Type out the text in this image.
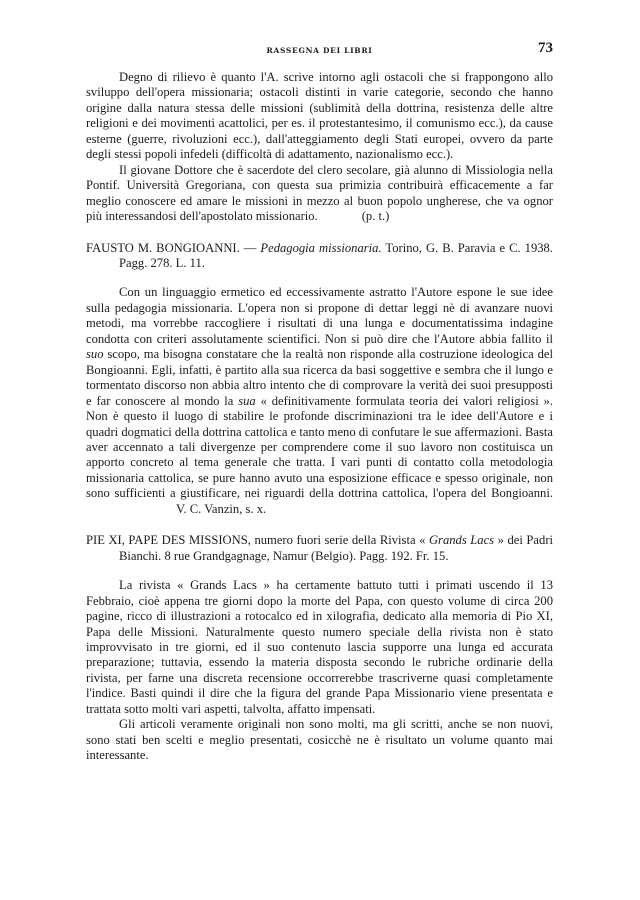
RASSEGNA DEI LIBRI	73

Degno di rilievo è quanto l'A. scrive intorno agli ostacoli che si frappongono allo sviluppo dell'opera missionaria; ostacoli distinti in varie categorie, secondo che hanno origine dalla natura stessa delle missioni (sublimità della dottrina, resistenza delle altre religioni e dei movimenti acattolici, per es. il protestantesimo, il comunismo ecc.), da cause esterne (guerre, rivoluzioni ecc.), dall'atteggiamento degli Stati europei, ovvero da parte degli stessi popoli infedeli (difficoltà di adattamento, nazionalismo ecc.).

Il giovane Dottore che è sacerdote del clero secolare, già alunno di Missiologia nella Pontif. Università Gregoriana, con questa sua primizia contribuirà efficacemente a far meglio conoscere ed amare le missioni in mezzo al buon popolo ungherese, che va ognor più interessandosi dell'apostolato missionario.	(p. t.)

FAUSTO M. BONGIOANNI. — Pedagogia missionaria. Torino, G. B. Paravia e C. 1938. Pagg. 278. L. 11.

Con un linguaggio ermetico ed eccessivamente astratto l'Autore espone le sue idee sulla pedagogia missionaria. L'opera non si propone di dettar leggi nè di avanzare nuovi metodi, ma vorrebbe raccogliere i risultati di una lunga e documentatissima indagine condotta con criteri assolutamente scientifici. Non si può dire che l'Autore abbia fallito il suo scopo, ma bisogna constatare che la realtà non risponde alla costruzione ideologica del Bongioanni. Egli, infatti, è partito alla sua ricerca da basi soggettive e sembra che il lungo e tormentato discorso non abbia altro intento che di comprovare la verità dei suoi presupposti e far conoscere al mondo la sua « definitivamente formulata teoria dei valori religiosi ». Non è questo il luogo di stabilire le profonde discriminazioni tra le idee dell'Autore e i quadri dogmatici della dottrina cattolica e tanto meno di confutare le sue affermazioni. Basta aver accennato a tali divergenze per comprendere come il suo lavoro non costituisca un apporto concreto al tema generale che tratta. I vari punti di contatto colla metodologia missionaria cattolica, se pure hanno avuto una esposizione efficace e spesso originale, non sono sufficienti a giustificare, nei riguardi della dottrina cattolica, l'opera del Bongioanni.V. C. Vanzin, s. x.

PIE XI, PAPE DES MISSIONS, numero fuori serie della Rivista « Grands Lacs » dei Padri Bianchi. 8 rue Grandgagnage, Namur (Belgio). Pagg. 192. Fr. 15.

La rivista « Grands Lacs » ha certamente battuto tutti i primati uscendo il 13 Febbraio, cioè appena tre giorni dopo la morte del Papa, con questo volume di circa 200 pagine, ricco di illustrazioni a rotocalco ed in xilografia, dedicato alla memoria di Pio XI, Papa delle Missioni. Naturalmente questo numero speciale della rivista non è stato improvvisato in tre giorni, ed il suo contenuto lascia supporre una lunga ed accurata preparazione; tuttavia, essendo la materia disposta secondo le rubriche ordinarie della rivista, per farne una discreta recensione occorrerebbe trascriverne quasi completamente l'indice. Basti quindi il dire che la figura del grande Papa Missionario viene presentata e trattata sotto molti vari aspetti, talvolta, affatto impensati.

Gli articoli veramente originali non sono molti, ma gli scritti, anche se non nuovi, sono stati ben scelti e meglio presentati, cosicchè ne è risultato un volume quanto mai interessante.
